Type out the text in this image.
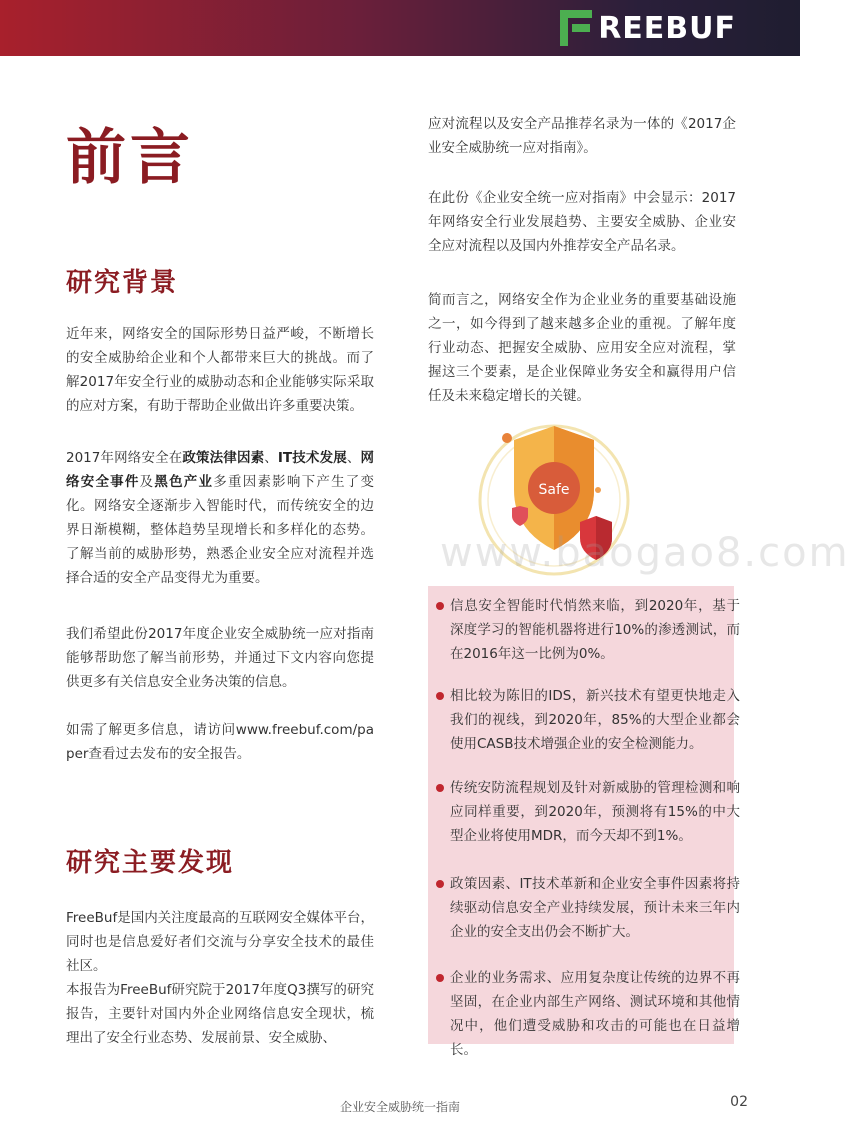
REEBUF
前言
研究背景
近年来，网络安全的国际形势日益严峻，不断增长的安全威胁给企业和个人都带来巨大的挑战。而了解2017年安全行业的威胁动态和企业能够实际采取的应对方案，有助于帮助企业做出许多重要决策。
2017年网络安全在政策法律因素、IT技术发展、网络安全事件及黑色产业多重因素影响下产生了变化。网络安全逐渐步入智能时代，而传统安全的边界日渐模糊，整体趋势呈现增长和多样化的态势。了解当前的威胁形势，熟悉企业安全应对流程并选择合适的安全产品变得尤为重要。
我们希望此份2017年度企业安全威胁统一应对指南能够帮助您了解当前形势，并通过下文内容向您提供更多有关信息安全业务决策的信息。
如需了解更多信息，请访问www.freebuf.com/paper查看过去发布的安全报告。
研究主要发现
FreeBuf是国内关注度最高的互联网安全媒体平台，同时也是信息爱好者们交流与分享安全技术的最佳社区。
本报告为FreeBuf研究院于2017年度Q3撰写的研究报告，主要针对国内外企业网络信息安全现状，梳理出了安全行业态势、发展前景、安全威胁、
应对流程以及安全产品推荐名录为一体的《2017企业安全威胁统一应对指南》。
在此份《企业安全统一应对指南》中会显示：2017年网络安全行业发展趋势、主要安全威胁、企业安全应对流程以及国内外推荐安全产品名录。
简而言之，网络安全作为企业业务的重要基础设施之一，如今得到了越来越多企业的重视。了解年度行业动态、把握安全威胁、应用安全应对流程，掌握这三个要素，是企业保障业务安全和赢得用户信任及未来稳定增长的关键。
Safe
www.baogao8.com
信息安全智能时代悄然来临，到2020年，基于深度学习的智能机器将进行10%的渗透测试，而在2016年这一比例为0%。
相比较为陈旧的IDS，新兴技术有望更快地走入我们的视线，到2020年，85%的大型企业都会使用CASB技术增强企业的安全检测能力。
传统安防流程规划及针对新威胁的管理检测和响应同样重要，到2020年，预测将有15%的中大型企业将使用MDR，而今天却不到1%。
政策因素、IT技术革新和企业安全事件因素将持续驱动信息安全产业持续发展，预计未来三年内企业的安全支出仍会不断扩大。
企业的业务需求、应用复杂度让传统的边界不再坚固，在企业内部生产网络、测试环境和其他情况中，他们遭受威胁和攻击的可能也在日益增长。
企业安全威胁统一指南	02
